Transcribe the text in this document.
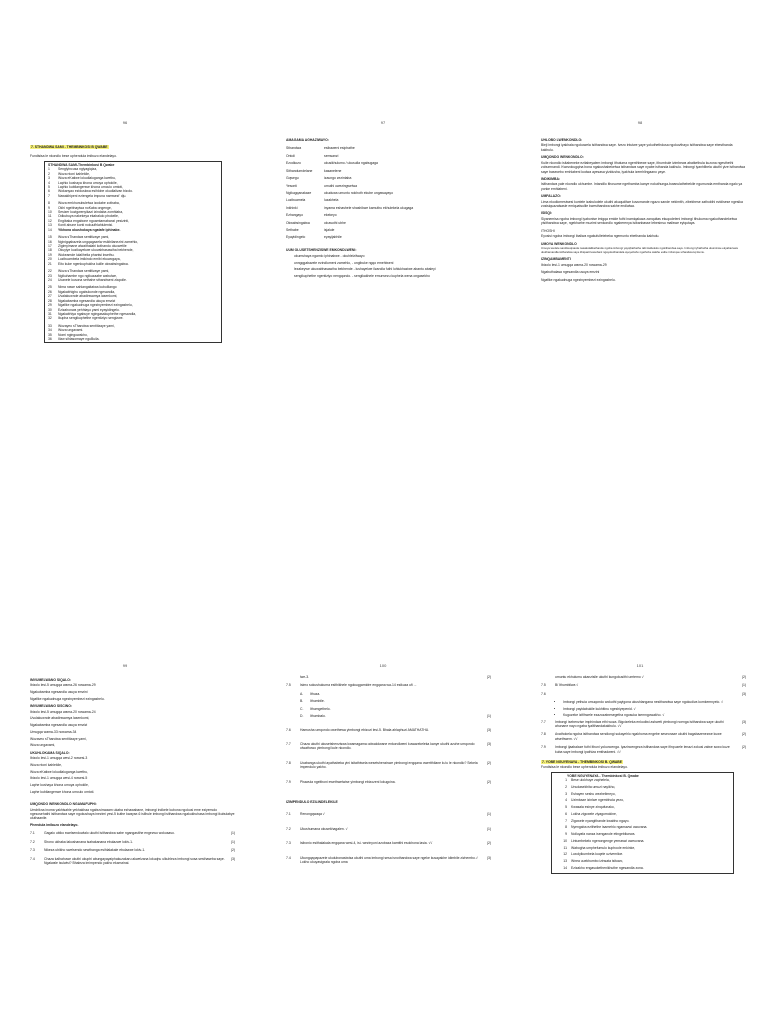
96
7. STHANDWA SAMI - THEMBINKOSI B QWABE
Fundisisa le nkondlo bese uphendula imibuzo elandelayo.
STHANDWA SAMI-Thembinkosi B Qwabe
1	Sengiyincusa ngiyagiqiza,
2	Woza ntoni kahlekile,
3	Woza eKatiwe lokudlaluganga kwethu,
4	Laphio kushaya khona umoya ophokile,
5	Laphio kubilangenwe khona umculo omtoti,
6	Wokanyao eziduskwa esihlobe okudlalivan bizolo.
7	Nawakhipeni eziengela impuna namwezi' dju.
8	Woza emkhunubulelwa izodabe zothaba,
9	Okhi ngebhayiwa noKaba ongenge,
10	Sesizer kuzigwenyikazi izindaba zomhlaba,
11	Odkubuya nakekeya ekabalulo phokelle,
12	Engibaka engabone ngoamtamabanzi yesizinti,
13	Konti abune konti nokuufhlahlulenisi.
14	Yikhona okushokaya ngatafe iphinabe.
15	Woza sThandwa sentitizaye yami,
16	Nginigqabazela ungqagazelw esikhilanezini zamehlo,
17	Zigimyimane alwaithalabi kothandu olucwetile
18	Okuyiye kuzikayekwe ukuvabhasawiha bekhende,
19	Wukeamde lulalihelia phantsi kwethu.
20	Luzibuambela imikindo emibi ekuwogaya,
21	Eito kuke ngenkuphukha kulile okwabsingalwa.
22	Woza sThandwa sentitizaye yami,
23	Ngikuhambe ngo ngikuzaabe wabulwe,
24	Ucanele kusona sethahe sthandweni zlapolle.
25	Nima nawe sahlangaitatwa kubulilango
26	Ngakabhighu ogabukonde ngesandla,
27	Uvalakuwnde abadinwamya lasenkomi,
28	Ngakabamba ngesandia ukuya emzizi
29	Ngafike ngakudnuga ngezinyembezi ezingashelu,
30	Ezizahonwa yehhtayo yami eyayidingelo.
31	Ngakabhiya ngabuye ngingasakuphethe ngesandla,
32	Ikupha sengikuphethe ngentiziyo sengizwe.
33	Wozayeo sThandwa sentitizaye yami,
34	Woza ungavami.
35	Nomi ngingowakho,
36	Ilizw sihlasomaye nguBuila.
97
AMAGAMA AGHAZIWAYO:
Sthandwa	esibaweni esiphathe
Ontoli	semsanzi
Ezodkozo	ukusikhulumo / ukusulla ngabugaga
Sithandumdelane	kasanelene
Gqwegu	izaungo zezintaba
Yesonti	umuthi owezingwelwa
Ngikugqanakaze	ukuduwa umuntu nokhoth ekube ungawayayo
Luzibuamela	luzakhela
Inkhinki	inyama eshashele shashikwe kamuthu ekhulekela ukugaga
Ezhangayo	ekekeyo
Okwabsingalwa	okuwuthi ubhe
Sethabe	isjalule
Eyayidingelo	eyayijabhile
UUM OLUSETSHENZISWE EMKONDLWENI:
• okumshaya ngamlo iphinabwe - okuhlelzilwayo
• unngqgabazele ezindlumeni zamehlo, - ungibuke ngqo emehlweni
• lezakeywe ukuwabhasawiha bekhende - lushayelwe ilzandla futhi luhlukhaziwe abantu abaleyi
• sengikuphethe ngentiziyo nengqondo. - sengikakhele emunvezu kuphela wena ongasekho
98
UHLOBO LWENKONDLO:
Bieji imbongi iyakhala ngokuwela isithandwa saye. Ivezo intutwe yaye yokuthethdusa ngokuvthayo isithandwa saye ebesthanda kakhulu.
UMQONDO WENKONDLO:
Kuile nkondlo isitabeneke ezitabeyalem imbongi ithutuma ngenthbewe saye, ithumbule izimbewa abatkethula kuzona ngesthethi zobumnandi. Kwezokugqina bona ngakushabekelwa isthandwa saye nyabe isthanda kakhulu. Imbongi iyanhlibela ukuthi yize isthandwa saye basecebo emhlabeni kodwa ayesasa yizidusha, iyakhula izemhlingaano yaye.
INDIKIMBA:
Isithandwa yale nkondlo ukhumbe. Intandilo ithosume ngethamba kanye nokuthunga-bwanulathebekile ngumunda emthanda ngalo ya yonke emhlabeni.
UMFALAZO:
Lima nkodlomesiwesi kuntele izabulodele ukuthi akuqudilwe kuvumande ngazo sande nekimith, zibekhese zathokthi ezidisese ngesika zosisiquazalsasle emiquatsulile kwesthandwa sakhe endlalwa.
ISISQI:
Siyanemisa ngoba imbongi iyabonise imigqa emide futhi inamiqakaza zanquitas ekuqodeleni imbongi ithukuma ngakuthandekelwa yisithandwa saye, ngekharhe muzimi senkondlo ngaberenya isibanbasse lebesinsu maliswe eyiqutaya.
ITHOSHI
Eyosisi ngoba imbongi ibaliwa ngakufulletebeka ngemuntu ebethanda kakhulu.
UMOYA WENKONDLO
Umoya wudele sandisuqinaula nasakulatlkethande ngoba imbongi yayiqhathethe tabi kuklekulu ngokthandwa saye. Imbongi iyhathutha ukuminwe ekyabazuwa ukuthamandla isithandwa saye iibiquatt lessobani ngayokuthandela ayeyehaho ngethobe wakhe esibe imfunque uthandwenq ikumu.
IZINQAMBAMENTI
Ibizolo lesi-1 umugqa wama-20 nowama-29
Ngabuthalasa ngesandla usuya emzini
Ngafike ngakudnuga ngezinyembezi ezingashelu.
99
IMVUMELWANO SIQALO:
Ibizolo lesi-5 umugqa wama-26 nowama-29
Ngakubamba ngesandla usuya emzini
Ngafike ngakudnuga ngezinyembezi ezingashelu.
IMVUMELWANO SISCINO:
Ibizolo lesi-5 umugqa wama-20 nowama-24
Uvulakuwnde abadinwamya lasenkomi,
Ngakabamba ngesandla usuya emzizi
Umugqa wama-33 nowama-34
Wozaveo sThandwa sentitizaye yami,
Woza ungavami,
UKUHLOKAMA SIQALO:
Ibizolo lesi-1 umugqa wesi-2 nowesi-3
Woza ntoni kahlekile,
Woza eKatiwe lokudlaluganga kwethu,
Ibizolo lesi-1 umugqa wesi-4 nowesi-5
Laphe kushaya khona umoya ophokile,
Laphe kubilangenwe khona umculo omtoti.
UMQONDO WENKONDLO NGAMAFUPHI:
Umdrikna inoma yakhisahle yekhakhaa ngabuvinwaam ukaba ezhawabane, imbongi indkele kubona ngokusi eme eziyemolo ngesosehathi isithandwa saye ngokushaya inezimi yesi-5 kuthe kwayse-6 isilhule imbongi isithandwa ngakukhuhasa imbongi ikubulabye uluthaanile.
Phendula imibuzo elandelayo.
7.1	Gagalo ubiko swelsendowlalo ukuthi isithandwa sabe ngangasithe engezwo wokusaso.	(1)
7.2	Shono ukhaka lakushanana isahakanana ebulazwe lokiv-1.	(1)
7.3	Nikeza ubikho swelsendo sewthanga esihlalakale ebulazwe lokiv-1.	(2)
7.4	Chaza kalhahuwe ukuthi ukuphi abungayayaiphakuzakaru akwelzana lokuqhu ulkuhleza imbongi sosa sesthaseba saye. Ngalwale isulwisi? Bhaleza imimpendo yakho ekamzinai.
(3)
100
lwe-3.	(2)
7.5	Isimo sokushukuma esithikhele ngokuqgarnidre engqana wa-14 esikuza ufi ...
A.	Ithuza.
B.	Ithumbile.
C.	Ithumgethelo.
D.	Ithumbalo.	(1)
7.6	Hamusha umqondo owethewa yimbongi ebizozi lesi-5. Bhala ahlaphuzi AMATHATHU.	(3)
7.7	Chaza ukuthi ukusetshenziswa kwamagama odwalolwane enkondlweni kuwazekeleka kanye ukuthi azuhe umqondo olwathowo yimbongi kule nkondlo.
(3)
7.8	Ucabanga ukuthi ayathabeka yini isitathiwela wesetshenziswe yimbongi engqana owertthilane ku'u le nkondlo? Sekela impendulo yakho.
(2)
7.9	Phawula ngeithoni ewethwelwise yimbongi ebizozeni lokugcina.	(2)
IZIMPENDULO EZILINDELEKILE
7.1	Renongqwaqa √	(1)
7.2	Ukushumana okusekhagalen. √	(1)
7.3	Isibonio esithalakala engqana wesi-4, isi- wezinyoni azobaza kamtthi esokhona lasia. √√	(2)
7.4	Ukungqapapazeie ukulubonasiwisa ukuthi uma imbongi sesa isnothandwa saye ngeke kusayakhe idimbile zizhembo.√ Lokho ukuyasigxala ngoba uma
(3)
101
umuntu ekhulumu akanzisile ukuthi kungokusithi umtemo √	(2)
7.5	B/ Ithumbilwa √	(1)
7.6	(3)
• Imbongi yethuia umuqondo wokuthi yayigona ukushlangana nesithandwa saye ngokudiva komkemnyelo. √
• Imbongi yayidabukile kukhitinu ngeshiyepenid. √
• Kuguzeke izifihwele ezazozatnesegetha ngosuka isemngowakho. √
7.7	Imbongi isebenzise imphindwa ethi woza. Bigcizeleka enkodiwi ashweti yimbongi ncenga isithandwa saye ukuthi ahunane nayo ngaba iyalithandakakhulu. √√
(3)
7.8	Avathokela ngoba isithandwa sendiongi sukayehlo ngakhoma engebe seseonaze ukuthi bagabazenezwe kuwe wisethwem. √√
(2)
7.9	Imbongi ijaabalaze futhi ithuni yokuncenga. Iyazincengeza isithandwa saye ifinpuzele lenazi zokusi zalwe sowo kuze kuba saye imbongi ipathiza emthadweni. √√
(2)
7. YOBE NGUYENAYA - THEMBINKOSI B. QWABE
Fundisisa le nkondlo bese uphendula imibuzo elandelayo.
YOBE NGUYENAYA - Thembinkosi B. Qwabe
1 Bese ulokhuye zaphelela,
2 Unudasekhita umuzi nayikho,
3 Eshayen seshu wezhelimeyo,
4 Uzimbaze izinlwe ngembhola yezo,
5 Kwasala esinye zinqufunako,
6 Lokha zigcwele ziyagomokine,
7 Zigcwele nyangithande kwabho ngayo.
8 Nyengaba ezithethe isamehlo ngamazwi uwuvana.
9 Nolluyafa nanza isenganole etingebiluewa.
10 Lintumbekelo ngenongenge yemaswi uweuvana.
11 Wabogha umphefumulo kuphoole enkinke,
12 Luxolyikumbela kuqele uzivemiloe.
13 Wnea uuekhumbo izinsata isituwo,
14 Ezizakho engasukethenikhuthe ngesandla zona.
